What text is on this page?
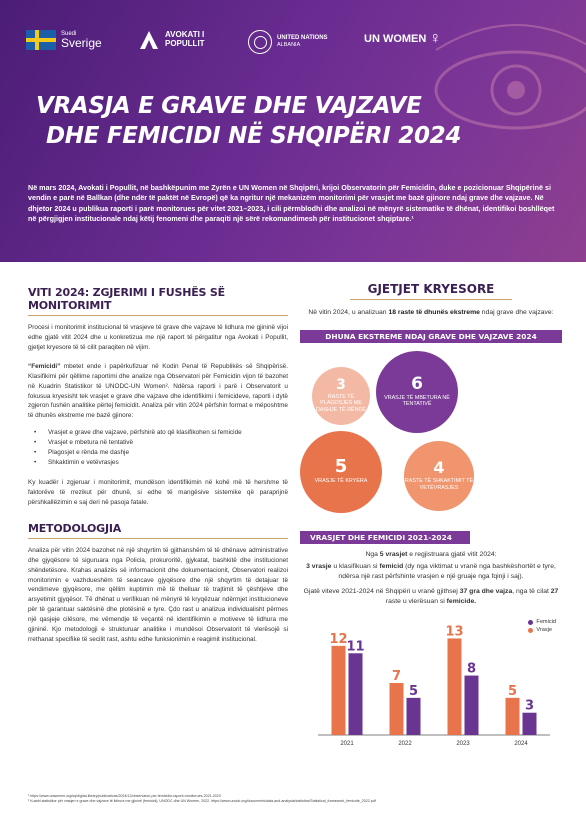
Suedi
Sverige
AVOKATI I POPULLIT
UNITED NATIONS
ALBANIA
UN WOMEN ♀
VRASJA E GRAVE DHE VAJZAVE
DHE FEMICIDI NË SHQIPËRI 2024

Në mars 2024, Avokati i Popullit, në bashkëpunim me Zyrën e UN Women në Shqipëri, krijoi Observatorin për Femicidin, duke e pozicionuar Shqipërinë si vendin e parë në Ballkan (dhe ndër të paktët në Evropë) që ka ngritur një mekanizëm monitorimi për vrasjet me bazë gjinore ndaj grave dhe vajzave. Në dhjetor 2024 u publikua raporti i parë monitorues për vitet 2021–2023, i cili përmblodhi dhe analizoi në mënyrë sistematike të dhënat, identifikoi boshllëqet në përgjigjen institucionale ndaj këtij fenomeni dhe paraqiti një sërë rekomandimesh për institucionet shqiptare.¹

VITI 2024: ZGJERIMI I FUSHËS SË MONITORIMIT

Procesi i monitorimit institucional të vrasjeve të grave dhe vajzave të lidhura me gjininë vijoi edhe gjatë vitit 2024 dhe u konkretizua me një raport të përgatitur nga Avokati i Popullit, gjetjet kryesore të të cilit paraqiten në vijim.

“Femicidi” mbetet ende i papërkufizuar në Kodin Penal të Republikës së Shqipërisë. Klasifikimi për qëllime raportimi dhe analize nga Observatori për Femicidin vijon të bazohet në Kuadrin Statistikor të UNODC-UN Women². Ndërsa raporti i parë i Observatorit u fokusua kryesisht tek vrasjet e grave dhe vajzave dhe identifikimi i femicideve, raporti i dytë zgjeron fushën analitike përtej femicidit. Analiza për vitin 2024 përfshin format e mëposhtme të dhunës ekstreme me bazë gjinore:

• Vrasjet e grave dhe vajzave, përfshirë ato që klasifikohen si femicide
• Vrasjet e mbetura në tentativë
• Plagosjet e rënda me dashje
• Shkaktimin e vetëvrasjes

Ky kuadër i zgjeruar i monitorimit, mundëson identifikimin në kohë më të hershme të faktorëve të rrezikut për dhunë, si edhe të mangësive sistemike që paraprijnë përshkallëzimin e saj deri në pasoja fatale.

METODOLOGJIA

Analiza për vitin 2024 bazohet në një shqyrtim të gjithanshëm të të dhënave administrative dhe gjyqësore të siguruara nga Policia, prokuroritë, gjykatat, bashkitë dhe institucionet shëndetësore. Krahas analizës së informacionit dhe dokumentacionit, Observatori realizoi monitorimin e vazhdueshëm të seancave gjyqësore dhe një shqyrtim të detajuar të vendimeve gjyqësore, me qëllim kuptimin më të thelluar të trajtimit të çështjeve dhe arsyetimit gjyqësor. Të dhënat u verifikuan në mënyrë të kryqëzuar ndërmjet institucioneve për të garantuar saktësinë dhe plotësinë e tyre. Çdo rast u analizua individualisht përmes një qasjeje cilësore, me vëmendje të veçantë në identifikimin e motiveve të lidhura me gjininë. Kjo metodologji e strukturuar analitike i mundësoi Observatorit të vlerësojë si rrethanat specifike të secilit rast, ashtu edhe funksionimin e reagimit institucional.

GJETJET KRYESORE

Në vitin 2024, u analizuan 18 raste të dhunës ekstreme ndaj grave dhe vajzave:

DHUNA EKSTREME NDAJ GRAVE DHE VAJZAVE 2024
3
RASTE TË PLAGOSJES ME DASHJE TË RËNDË
6
VRASJE TË MBETURA NË TENTATIVË
5
VRASJE TË KRYERA
4
RASTE TË SHKAKTIMIT TË VETËVRASJES
VRASJET DHE FEMICIDI 2021-2024

Nga 5 vrasjet e regjistruara gjatë vitit 2024:

3 vrasje u klasifikuan si femicid (dy nga viktimat u vranë nga bashkëshortët e tyre, ndërsa një rast përfshinte vrasjen e një gruaje nga fqinji i saj).

Gjatë viteve 2021-2024 në Shqipëri u vranë gjithsej 37 gra dhe vajza, nga të cilat 27 raste u vlerësuan si femicide.

12
11
2021
7
5
2022
13
8
2023
5
3
2024
Femicid
Vrasje
¹ https://www.unwomen.org/sq/digital-library/publications/2024/12/observatori-per-femicidin-raporti-monitorues-2021-2023
² Kuadri statistikor për vrasjen e grave dhe vajzave të lidhura me gjininë (femicidi), UNODC dhe UN Women, 2022. https://www.unodc.org/documents/data-and-analysis/statistics/Statistical_framework_femicide_2022.pdf
